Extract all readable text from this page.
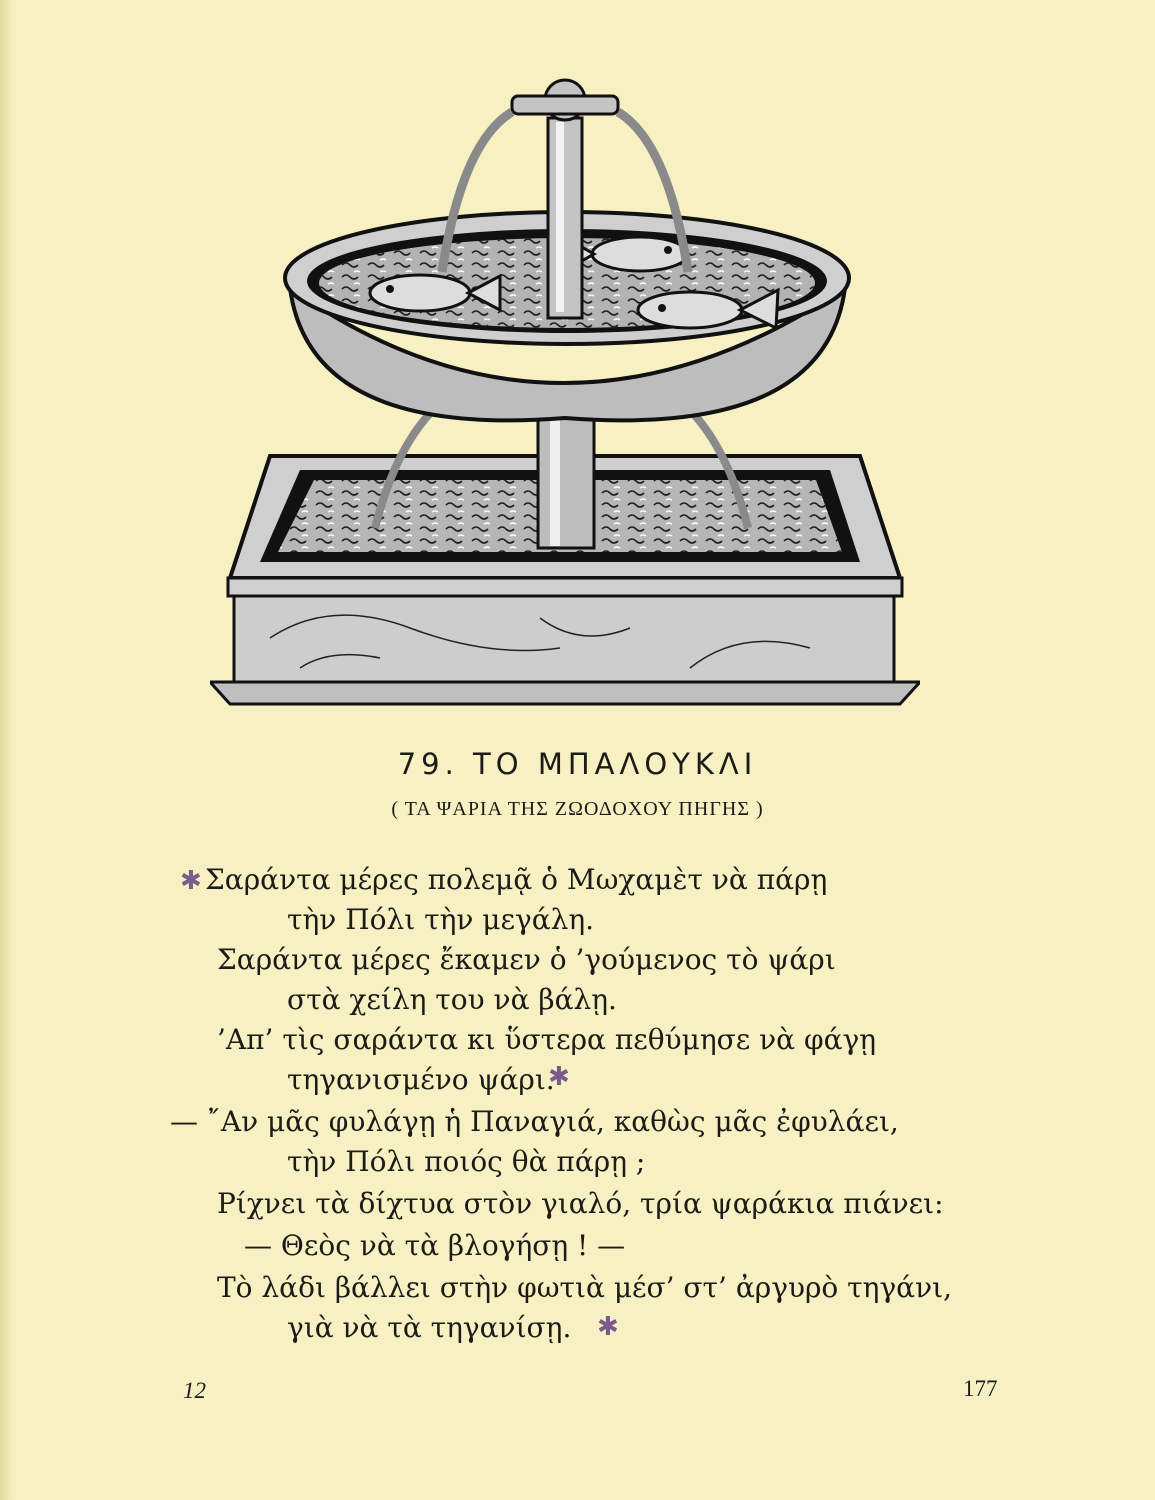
79. ΤΟ ΜΠΑΛΟΥΚΛΙ
( ΤΑ ΨΑΡΙΑ ΤΗΣ ΖΩΟΔΟΧΟΥ ΠΗΓΗΣ )
✱ Σαράντα μέρες πολεμᾷ ὁ Μωχαμὲτ νὰ πάρῃ
τὴν Πόλι τὴν μεγάλη.
Σαράντα μέρες ἔκαμεν ὁ ’γούμενος τὸ ψάρι
στὰ χείλη του νὰ βάλῃ.
’Απ’ τὶς σαράντα κι ὕστερα πεθύμησε νὰ φάγῃ
τηγανισμένο ψάρι.
✱
— ῎Αν μᾶς φυλάγῃ ἡ Παναγιά, καθὼς μᾶς ἐφυλάει,
τὴν Πόλι ποιός θὰ πάρῃ ;
Ρίχνει τὰ δίχτυα στὸν γιαλό, τρία ψαράκια πιάνει:
— Θεὸς νὰ τὰ βλογήσῃ ! —
Τὸ λάδι βάλλει στὴν φωτιὰ μέσ’ στ’ ἀργυρὸ τηγάνι,
γιὰ νὰ τὰ τηγανίσῃ. ✱
12	177
